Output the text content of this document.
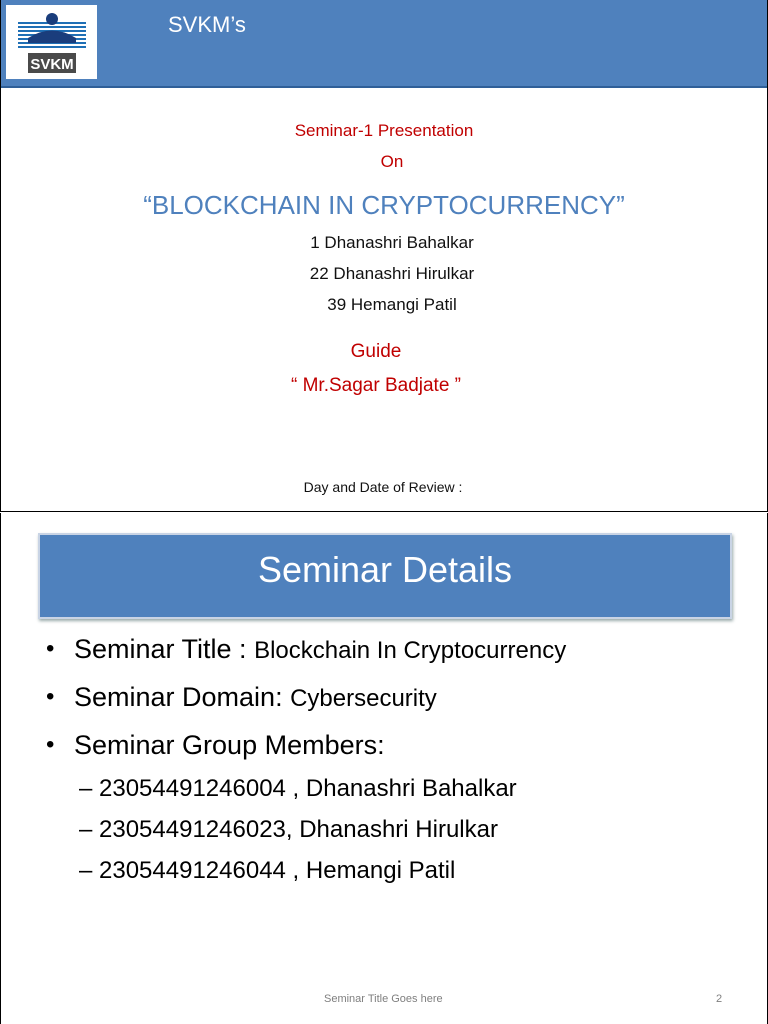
SVKM
SVKM’s
Seminar-1 Presentation
On
“BLOCKCHAIN IN CRYPTOCURRENCY”
1 Dhanashri Bahalkar
22 Dhanashri Hirulkar
39 Hemangi Patil
Guide
“ Mr.Sagar Badjate ”
Day and Date of Review :
Seminar Details
• Seminar Title : Blockchain In Cryptocurrency
• Seminar Domain: Cybersecurity
• Seminar Group Members:
– 23054491246004 , Dhanashri Bahalkar
– 23054491246023, Dhanashri Hirulkar
– 23054491246044 , Hemangi Patil
Seminar Title Goes here	2
